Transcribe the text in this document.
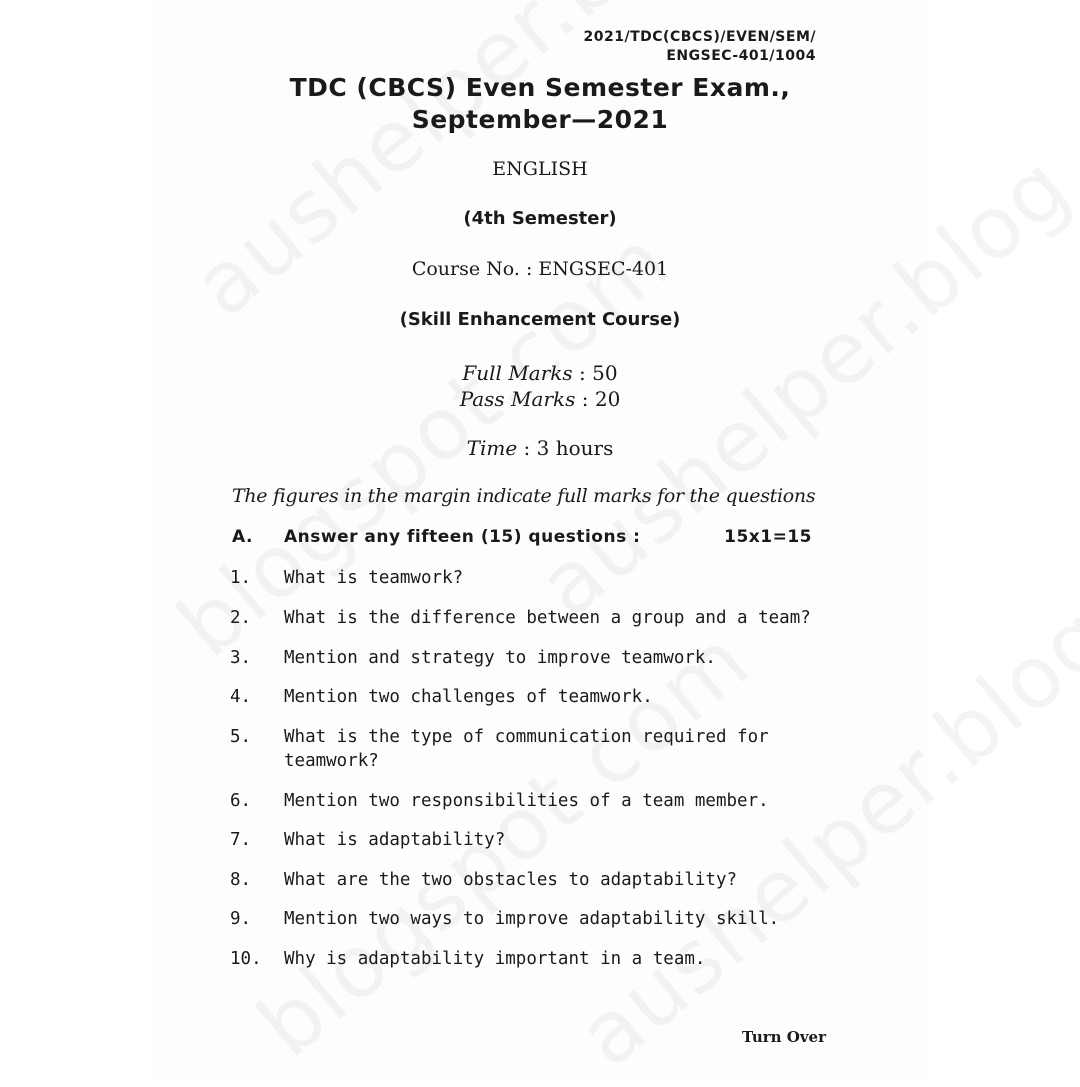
2021/TDC(CBCS)/EVEN/SEM/
ENGSEC-401/1004
TDC (CBCS) Even Semester Exam.,
September—2021
ENGLISH
(4th Semester)
Course No. : ENGSEC-401
(Skill Enhancement Course)
Full Marks : 50
Pass Marks : 20
Time : 3 hours
The figures in the margin indicate full marks for the questions
A.	Answer any fifteen (15) questions :	15x1=15
1.	What is teamwork?
2.	What is the difference between a group and a team?
3.	Mention and strategy to improve teamwork.
4.	Mention two challenges of teamwork.
5.	What is the type of communication required for teamwork?
6.	Mention two responsibilities of a team member.
7.	What is adaptability?
8.	What are the two obstacles to adaptability?
9.	Mention two ways to improve adaptability skill.
10.	Why is adaptability important in a team.
Turn Over
